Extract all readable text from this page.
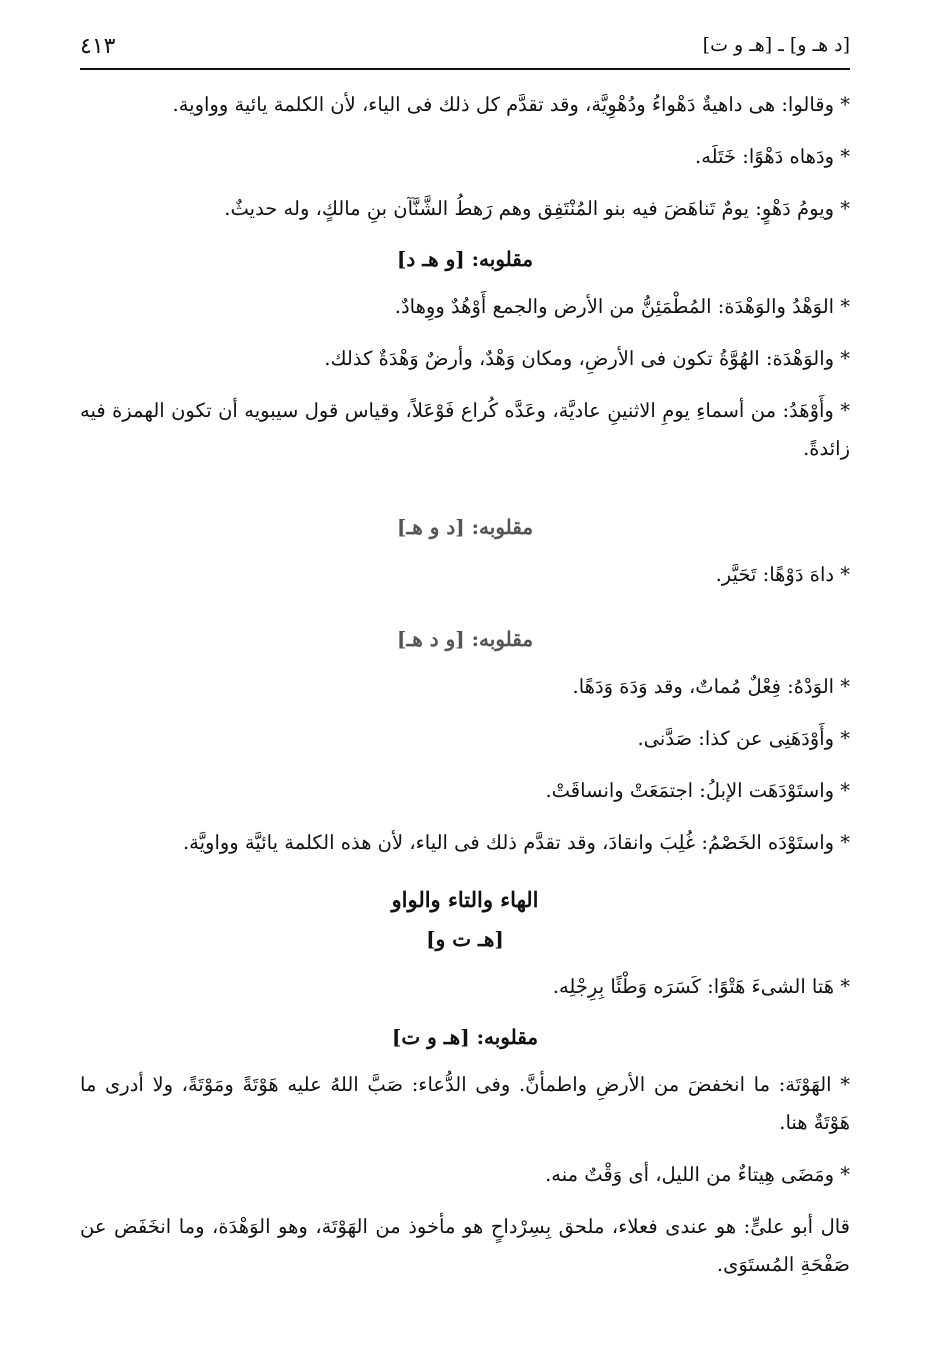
٤١٣	[د هـ و] ـ [هـ و ت]

* وقالوا: هى داهيةٌ دَهْواءُ ودُهْوِيَّة، وقد تقدَّم كل ذلك فى الياء، لأن الكلمة يائية وواوية.

* ودَهاه دَهْوًا: خَتَلَه.

* ويومُ دَهْوٍ: يومٌ تَناهَضَ فيه بنو المُنْتَفِق وهم رَهطُ الشَّنَّآن بنِ مالكٍ، وله حديثٌ.

مقلوبه: [و هـ د]

* الوَهْدُ والوَهْدَة: المُطْمَئِنُّ من الأرض والجمع أَوْهُدٌ ووِهادٌ.

* والوَهْدَة: الهُوَّةُ تكون فى الأرضِ، ومكان وَهْدٌ، وأرضٌ وَهْدَةٌ كذلك.

* وأَوْهَدُ: من أسماءِ يومِ الاثنينِ عاديَّة، وعَدَّه كُراع فَوْعَلاً، وقياس قول سيبويه أن تكون الهمزة فيه زائدةً.

مقلوبه: [د و هـ]

* داهَ دَوْهًا: تَحَيَّر.

مقلوبه: [و د هـ]

* الوَدْهُ: فِعْلٌ مُماتٌ، وقد وَدَهَ وَدَهًا.

* وأَوْدَهَنِى عن كذا: صَدَّنى.

* واستَوْدَهَت الإبلُ: اجتمَعَتْ وانساقَتْ.

* واستَوْدَه الخَصْمُ: غُلِبَ وانقادَ، وقد تقدَّم ذلك فى الياء، لأن هذه الكلمة يائيَّة وواويَّة.

الهاء والتاء والواو
[هـ ت و]

* هَتا الشىءَ هَتْوًا: كَسَرَه وَطْئًا بِرِجْلِه.

مقلوبه: [هـ و ت]

* الهَوْتَة: ما انخفضَ من الأرضِ واطمأنَّ. وفى الدُّعاء: صَبَّ اللهُ عليه هَوْتَةً ومَوْتَةً، ولا أدرى ما هَوْتَةٌ هنا.

* ومَضَى هِيتاءٌ من الليل، أى وَقْتٌ منه.

قال أبو علىٍّ: هو عندى فعلاء، ملحق بِسِرْداحٍ هو مأخوذ من الهَوْتَة، وهو الوَهْدَة، وما انخَفَض عن صَفْحَةِ المُستَوَى.
